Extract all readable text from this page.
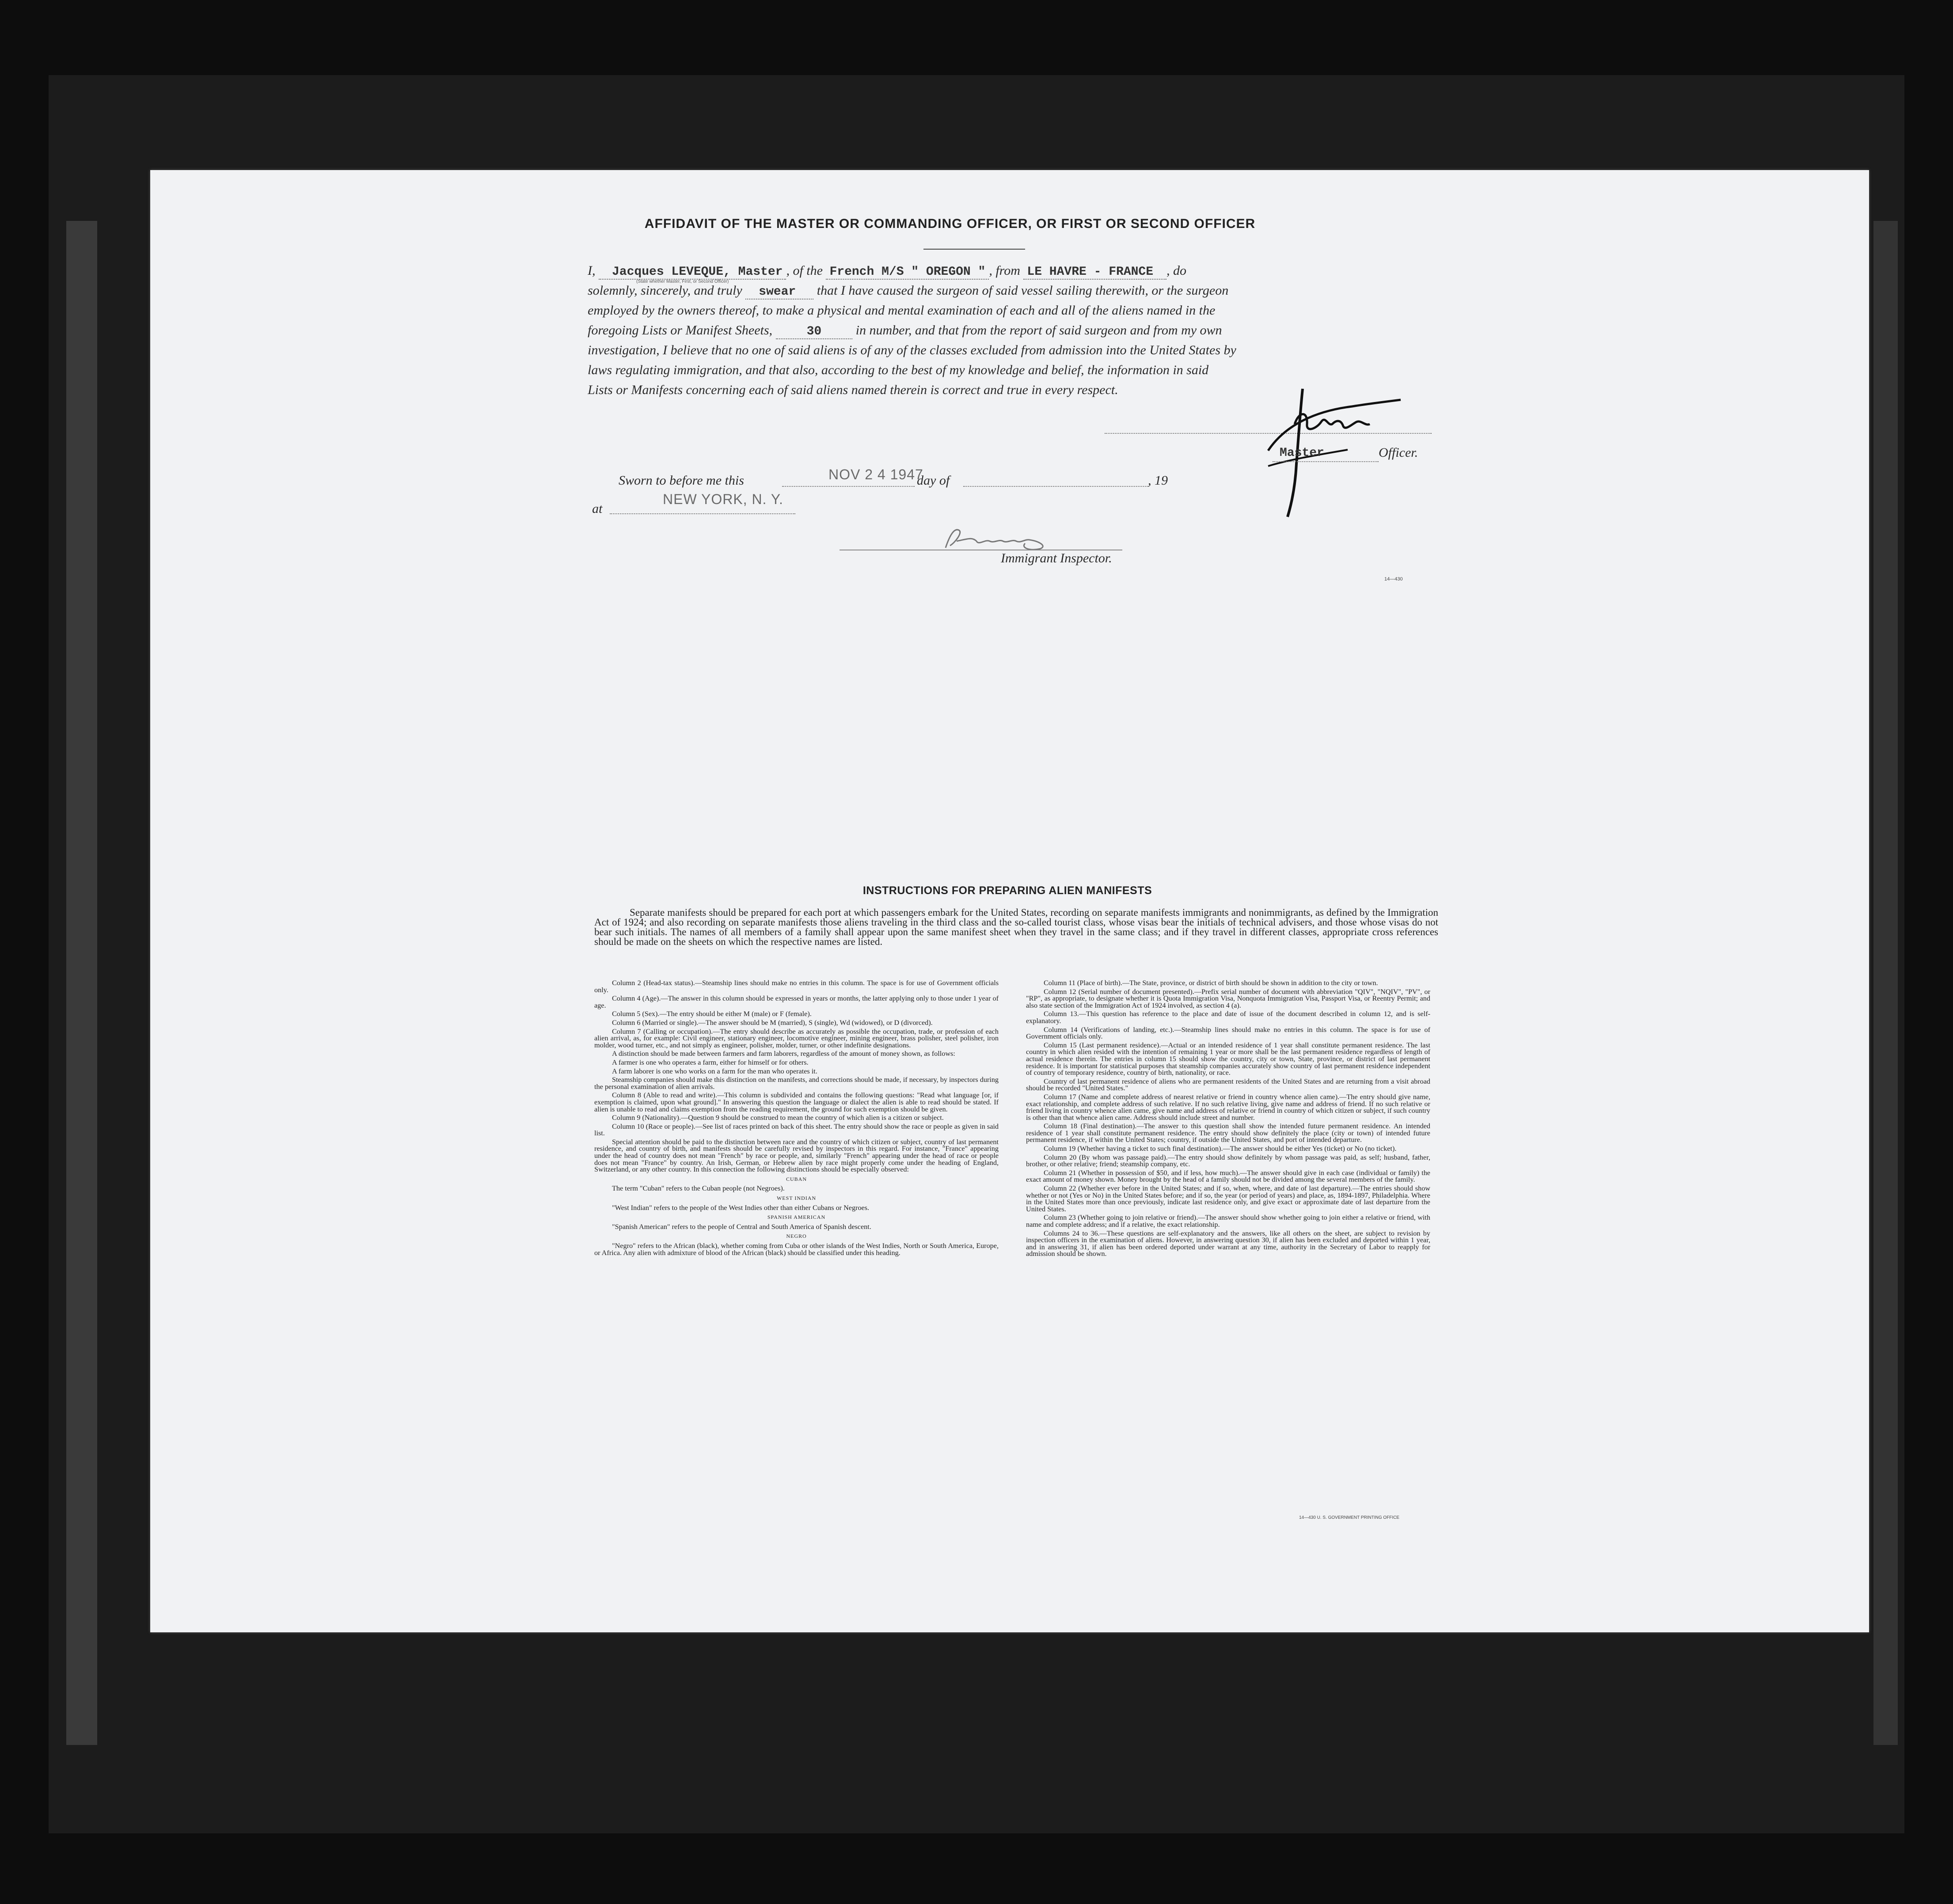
AFFIDAVIT OF THE MASTER OR COMMANDING OFFICER, OR FIRST OR SECOND OFFICER
I, Jacques LEVEQUE, Master , of the French M/S " OREGON " , from LE HAVRE - FRANCE , do
solemnly, sincerely, and truly swear that I have caused the surgeon of said vessel sailing therewith, or the surgeon
employed by the owners thereof, to make a physical and mental examination of each and all of the aliens named in the
foregoing Lists or Manifest Sheets,	30	in number, and that from the report of said surgeon and from my own
investigation, I believe that no one of said aliens is of any of the classes excluded from admission into the United States by
laws regulating immigration, and that also, according to the best of my knowledge and belief, the information in said
Lists or Manifests concerning each of said aliens named therein is correct and true in every respect.
(State whether Master, First, or Second Officer)
Master	Officer.
Sworn to before me this	NOV 2 4 1947
day of	, 19
at
NEW YORK, N. Y.
Immigrant Inspector.
14—430
INSTRUCTIONS FOR PREPARING ALIEN MANIFESTS
Separate manifests should be prepared for each port at which passengers embark for the United States, recording on separate manifests immigrants and nonimmigrants, as defined by the Immigration Act of 1924; and also recording on separate manifests those aliens traveling in the third class and the so-called tourist class, whose visas bear the initials of technical advisers, and those whose visas do not bear such initials. The names of all members of a family shall appear upon the same manifest sheet when they travel in the same class; and if they travel in different classes, appropriate cross references should be made on the sheets on which the respective names are listed.

Column 2 (Head-tax status).—Steamship lines should make no entries in this column. The space is for use of Government officials only.

Column 4 (Age).—The answer in this column should be expressed in years or months, the latter applying only to those under 1 year of age.

Column 5 (Sex).—The entry should be either M (male) or F (female).

Column 6 (Married or single).—The answer should be M (married), S (single), Wd (widowed), or D (divorced).

Column 7 (Calling or occupation).—The entry should describe as accurately as possible the occupation, trade, or profession of each alien arrival, as, for example: Civil engineer, stationary engineer, locomotive engineer, mining engineer, brass polisher, steel polisher, iron molder, wood turner, etc., and not simply as engineer, polisher, molder, turner, or other indefinite designations.

A distinction should be made between farmers and farm laborers, regardless of the amount of money shown, as follows:

A farmer is one who operates a farm, either for himself or for others.

A farm laborer is one who works on a farm for the man who operates it.

Steamship companies should make this distinction on the manifests, and corrections should be made, if necessary, by inspectors during the personal examination of alien arrivals.

Column 8 (Able to read and write).—This column is subdivided and contains the following questions: "Read what language [or, if exemption is claimed, upon what ground]." In answering this question the language or dialect the alien is able to read should be stated. If alien is unable to read and claims exemption from the reading requirement, the ground for such exemption should be given.

Column 9 (Nationality).—Question 9 should be construed to mean the country of which alien is a citizen or subject.

Column 10 (Race or people).—See list of races printed on back of this sheet. The entry should show the race or people as given in said list.

Special attention should be paid to the distinction between race and the country of which citizen or subject, country of last permanent residence, and country of birth, and manifests should be carefully revised by inspectors in this regard. For instance, "France" appearing under the head of country does not mean "French" by race or people, and, similarly "French" appearing under the head of race or people does not mean "France" by country. An Irish, German, or Hebrew alien by race might properly come under the heading of England, Switzerland, or any other country. In this connection the following distinctions should be especially observed:

CUBAN

The term "Cuban" refers to the Cuban people (not Negroes).

WEST INDIAN

"West Indian" refers to the people of the West Indies other than either Cubans or Negroes.

SPANISH AMERICAN

"Spanish American" refers to the people of Central and South America of Spanish descent.

NEGRO

"Negro" refers to the African (black), whether coming from Cuba or other islands of the West Indies, North or South America, Europe, or Africa. Any alien with admixture of blood of the African (black) should be classified under this heading.

Column 11 (Place of birth).—The State, province, or district of birth should be shown in addition to the city or town.

Column 12 (Serial number of document presented).—Prefix serial number of document with abbreviation "QIV", "NQIV", "PV", or "RP", as appropriate, to designate whether it is Quota Immigration Visa, Nonquota Immigration Visa, Passport Visa, or Reentry Permit; and also state section of the Immigration Act of 1924 involved, as section 4 (a).

Column 13.—This question has reference to the place and date of issue of the document described in column 12, and is self-explanatory.

Column 14 (Verifications of landing, etc.).—Steamship lines should make no entries in this column. The space is for use of Government officials only.

Column 15 (Last permanent residence).—Actual or an intended residence of 1 year shall constitute permanent residence. The last country in which alien resided with the intention of remaining 1 year or more shall be the last permanent residence regardless of length of actual residence therein. The entries in column 15 should show the country, city or town, State, province, or district of last permanent residence. It is important for statistical purposes that steamship companies accurately show country of last permanent residence independent of country of temporary residence, country of birth, nationality, or race.

Country of last permanent residence of aliens who are permanent residents of the United States and are returning from a visit abroad should be recorded "United States."

Column 17 (Name and complete address of nearest relative or friend in country whence alien came).—The entry should give name, exact relationship, and complete address of such relative. If no such relative living, give name and address of friend. If no such relative or friend living in country whence alien came, give name and address of relative or friend in country of which citizen or subject, if such country is other than that whence alien came. Address should include street and number.

Column 18 (Final destination).—The answer to this question shall show the intended future permanent residence. An intended residence of 1 year shall constitute permanent residence. The entry should show definitely the place (city or town) of intended future permanent residence, if within the United States; country, if outside the United States, and port of intended departure.

Column 19 (Whether having a ticket to such final destination).—The answer should be either Yes (ticket) or No (no ticket).

Column 20 (By whom was passage paid).—The entry should show definitely by whom passage was paid, as self; husband, father, brother, or other relative; friend; steamship company, etc.

Column 21 (Whether in possession of $50, and if less, how much).—The answer should give in each case (individual or family) the exact amount of money shown. Money brought by the head of a family should not be divided among the several members of the family.

Column 22 (Whether ever before in the United States; and if so, when, where, and date of last departure).—The entries should show whether or not (Yes or No) in the United States before; and if so, the year (or period of years) and place, as, 1894-1897, Philadelphia. Where in the United States more than once previously, indicate last residence only, and give exact or approximate date of last departure from the United States.

Column 23 (Whether going to join relative or friend).—The answer should show whether going to join either a relative or friend, with name and complete address; and if a relative, the exact relationship.

Columns 24 to 36.—These questions are self-explanatory and the answers, like all others on the sheet, are subject to revision by inspection officers in the examination of aliens. However, in answering question 30, if alien has been excluded and deported within 1 year, and in answering 31, if alien has been ordered deported under warrant at any time, authority in the Secretary of Labor to reapply for admission should be shown.

14—430 U. S. GOVERNMENT PRINTING OFFICE
